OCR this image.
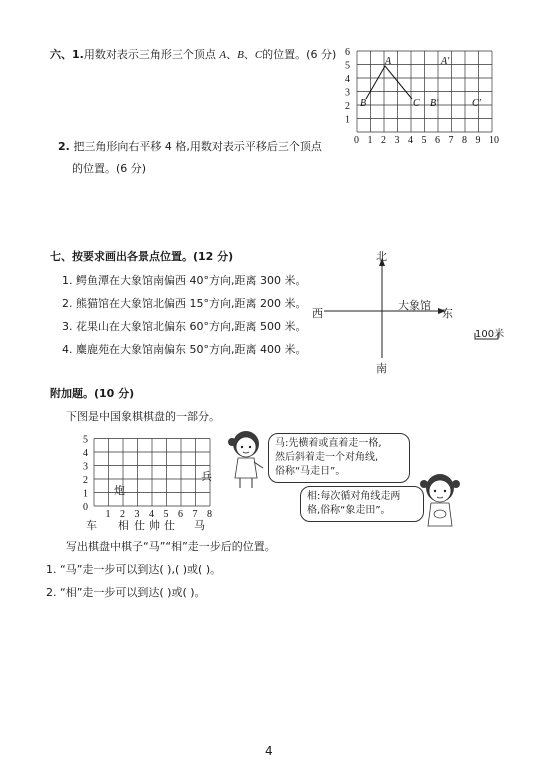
六、1.用数对表示三角形三个顶点 A、B、C的位置。(6 分)
0 1 2 3 4 5 6 7 8 9 10
1
2
3
4
5
6
A
B	C
A′
B′	C′
2. 把三角形向右平移 4 格,用数对表示平移后三个顶点
的位置。(6 分)
七、按要求画出各景点位置。(12 分)
1. 鳄鱼潭在大象馆南偏西 40°方向,距离 300 米。
2. 熊猫馆在大象馆北偏西 15°方向,距离 200 米。
3. 花果山在大象馆北偏东 60°方向,距离 500 米。
4. 麋鹿苑在大象馆南偏东 50°方向,距离 400 米。
北
南
西	东
大象馆
100米
附加题。(10 分)
下图是中国象棋棋盘的一部分。
0
1
2
3
4
5
1 2 3 4 5 6 7 8
炮
兵
车 相 仕 帅 仕 马
马:先横着或直着走一格,
然后斜着走一个对角线,
俗称“马走日”。
相:每次循对角线走两
格,俗称“象走田”。
写出棋盘中棋子“马”“相”走一步后的位置。
1. “马”走一步可以到达( ),( )或( )。
2. “相”走一步可以到达( )或( )。
4
